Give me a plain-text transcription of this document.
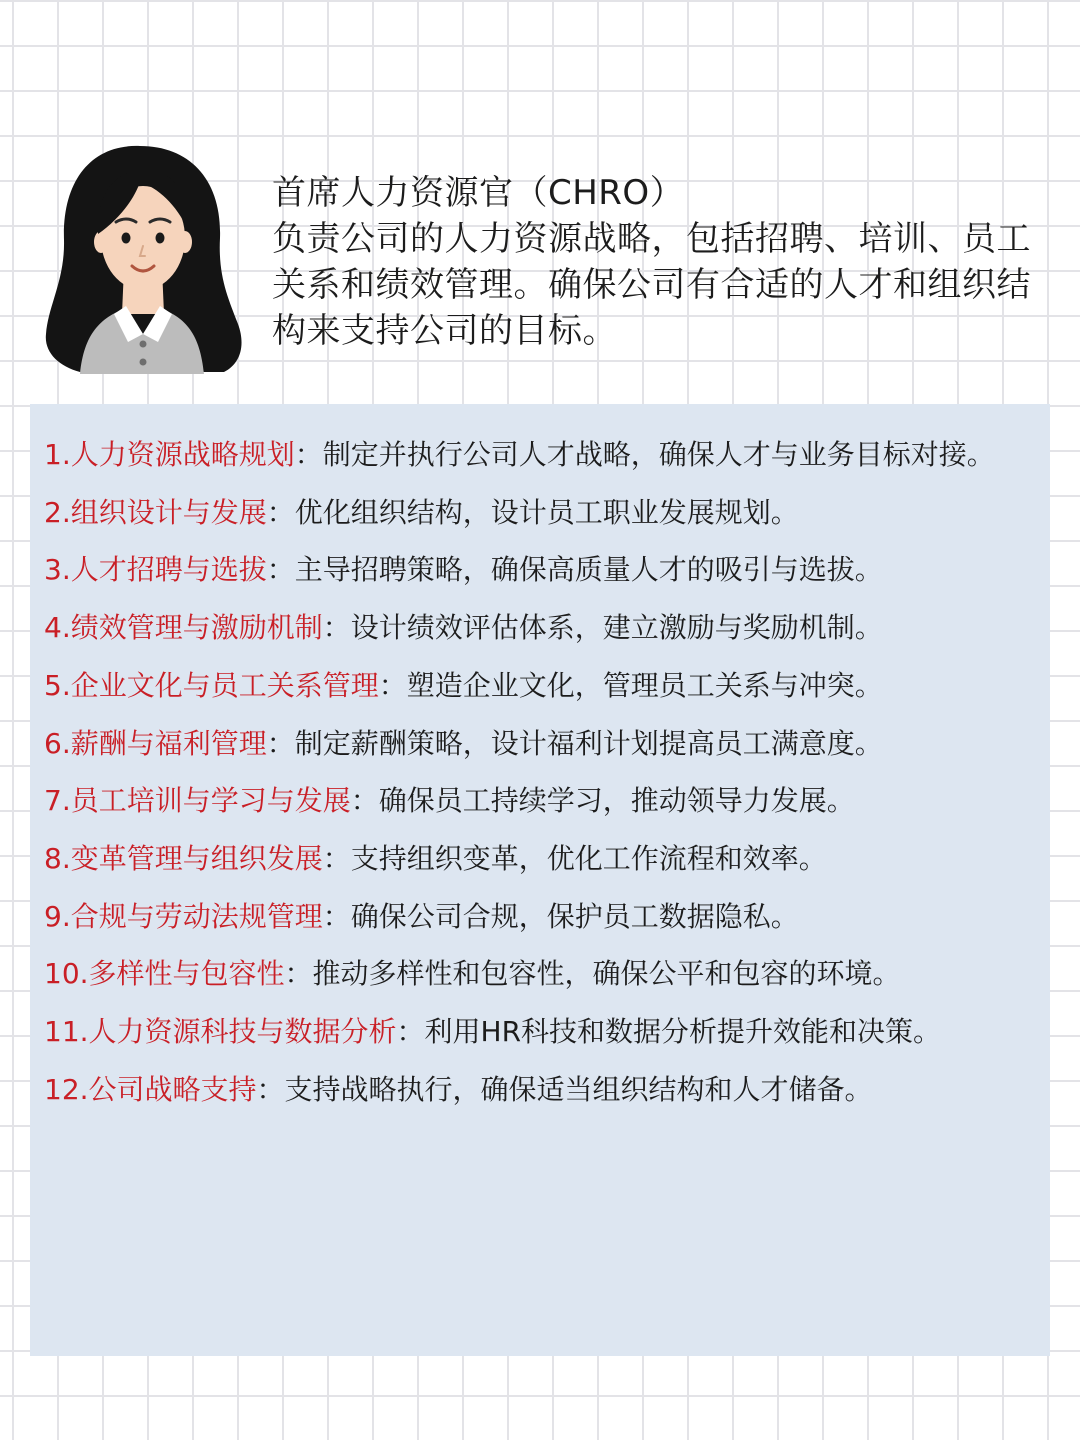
首席人力资源官（CHRO）
负责公司的人力资源战略，包括招聘、培训、员工关系和绩效管理。确保公司有合适的人才和组织结构来支持公司的目标。
1.人力资源战略规划：制定并执行公司人才战略，确保人才与业务目标对接。
2.组织设计与发展：优化组织结构，设计员工职业发展规划。
3.人才招聘与选拔：主导招聘策略，确保高质量人才的吸引与选拔。
4.绩效管理与激励机制：设计绩效评估体系，建立激励与奖励机制。
5.企业文化与员工关系管理：塑造企业文化，管理员工关系与冲突。
6.薪酬与福利管理：制定薪酬策略，设计福利计划提高员工满意度。
7.员工培训与学习与发展：确保员工持续学习，推动领导力发展。
8.变革管理与组织发展：支持组织变革，优化工作流程和效率。
9.合规与劳动法规管理：确保公司合规，保护员工数据隐私。
10.多样性与包容性：推动多样性和包容性，确保公平和包容的环境。
11.人力资源科技与数据分析：利用HR科技和数据分析提升效能和决策。
12.公司战略支持：支持战略执行，确保适当组织结构和人才储备。
